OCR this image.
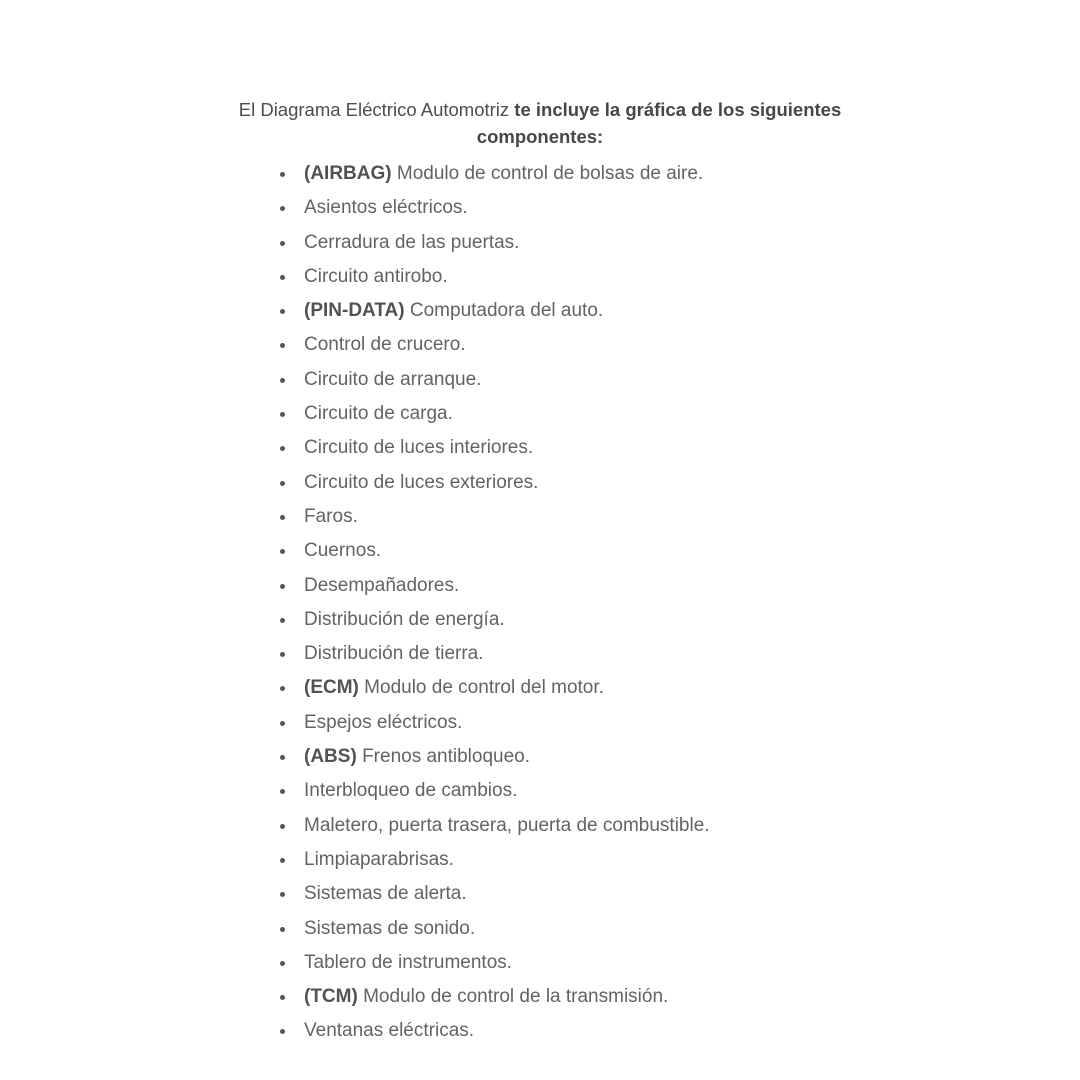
El Diagrama Eléctrico Automotriz te incluye la gráfica de los siguientes componentes:

(AIRBAG) Modulo de control de bolsas de aire.
Asientos eléctricos.
Cerradura de las puertas.
Circuito antirobo.
(PIN-DATA) Computadora del auto.
Control de crucero.
Circuito de arranque.
Circuito de carga.
Circuito de luces interiores.
Circuito de luces exteriores.
Faros.
Cuernos.
Desempañadores.
Distribución de energía.
Distribución de tierra.
(ECM) Modulo de control del motor.
Espejos eléctricos.
(ABS) Frenos antibloqueo.
Interbloqueo de cambios.
Maletero, puerta trasera, puerta de combustible.
Limpiaparabrisas.
Sistemas de alerta.
Sistemas de sonido.
Tablero de instrumentos.
(TCM) Modulo de control de la transmisión.
Ventanas eléctricas.
